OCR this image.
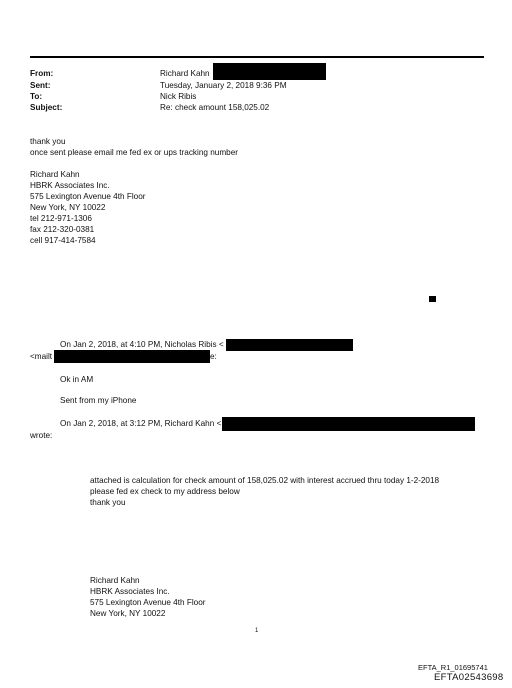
From:	Richard Kahn
Sent:	Tuesday, January 2, 2018 9:36 PM
To:	Nick Ribis
Subject:	Re: check amount 158,025.02
thank you
once sent please email me fed ex or ups tracking number
Richard Kahn
HBRK Associates Inc.
575 Lexington Avenue 4th Floor
New York, NY 10022
tel 212-971-1306
fax 212-320-0381
cell 917-414-7584
On Jan 2, 2018, at 4:10 PM, Nicholas Ribis <
<mailt	e:
Ok in AM
Sent from my iPhone
On Jan 2, 2018, at 3:12 PM, Richard Kahn <
wrote:
attached is calculation for check amount of 158,025.02 with interest accrued thru today 1-2-2018
please fed ex check to my address below
thank you
Richard Kahn
HBRK Associates Inc.
575 Lexington Avenue 4th Floor
New York, NY 10022
1
EFTA_R1_01695741
EFTA02543698
